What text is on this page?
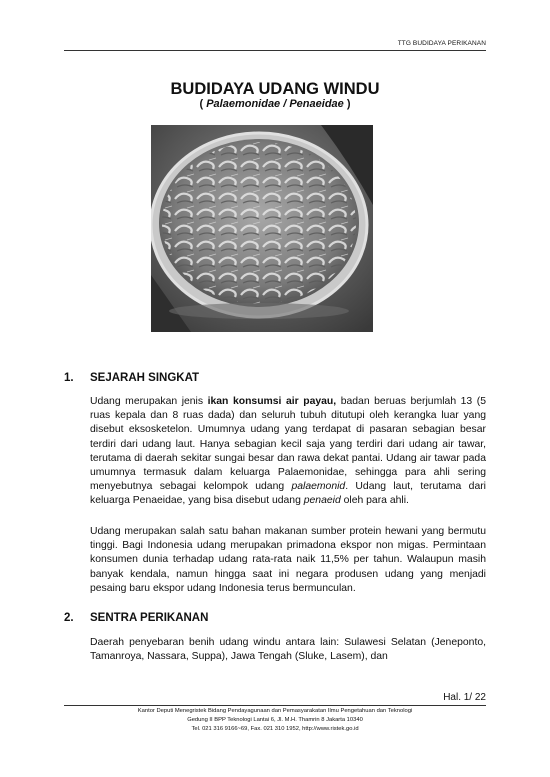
TTG BUDIDAYA PERIKANAN
BUDIDAYA UDANG WINDU
( Palaemonidae / Penaeidae )
1. SEJARAH SINGKAT

Udang merupakan jenis ikan konsumsi air payau, badan beruas berjumlah 13 (5 ruas kepala dan 8 ruas dada) dan seluruh tubuh ditutupi oleh kerangka luar yang disebut eksosketelon. Umumnya udang yang terdapat di pasaran sebagian besar terdiri dari udang laut. Hanya sebagian kecil saja yang terdiri dari udang air tawar, terutama di daerah sekitar sungai besar dan rawa dekat pantai. Udang air tawar pada umumnya termasuk dalam keluarga Palaemonidae, sehingga para ahli sering menyebutnya sebagai kelompok udang palaemonid. Udang laut, terutama dari keluarga Penaeidae, yang bisa disebut udang penaeid oleh para ahli.

Udang merupakan salah satu bahan makanan sumber protein hewani yang bermutu tinggi. Bagi Indonesia udang merupakan primadona ekspor non migas. Permintaan konsumen dunia terhadap udang rata-rata naik 11,5% per tahun. Walaupun masih banyak kendala, namun hingga saat ini negara produsen udang yang menjadi pesaing baru ekspor udang Indonesia terus bermunculan.

2. SENTRA PERIKANAN

Daerah penyebaran benih udang windu antara lain: Sulawesi Selatan (Jeneponto, Tamanroya, Nassara, Suppa), Jawa Tengah (Sluke, Lasem), dan

Hal. 1/ 22
Kantor Deputi Menegristek Bidang Pendayagunaan dan Pemasyarakatan Ilmu Pengetahuan dan Teknologi
Gedung II BPP Teknologi Lantai 6, Jl. M.H. Thamrin 8 Jakarta 10340
Tel. 021 316 9166~69, Fax. 021 310 1952, http://www.ristek.go.id
